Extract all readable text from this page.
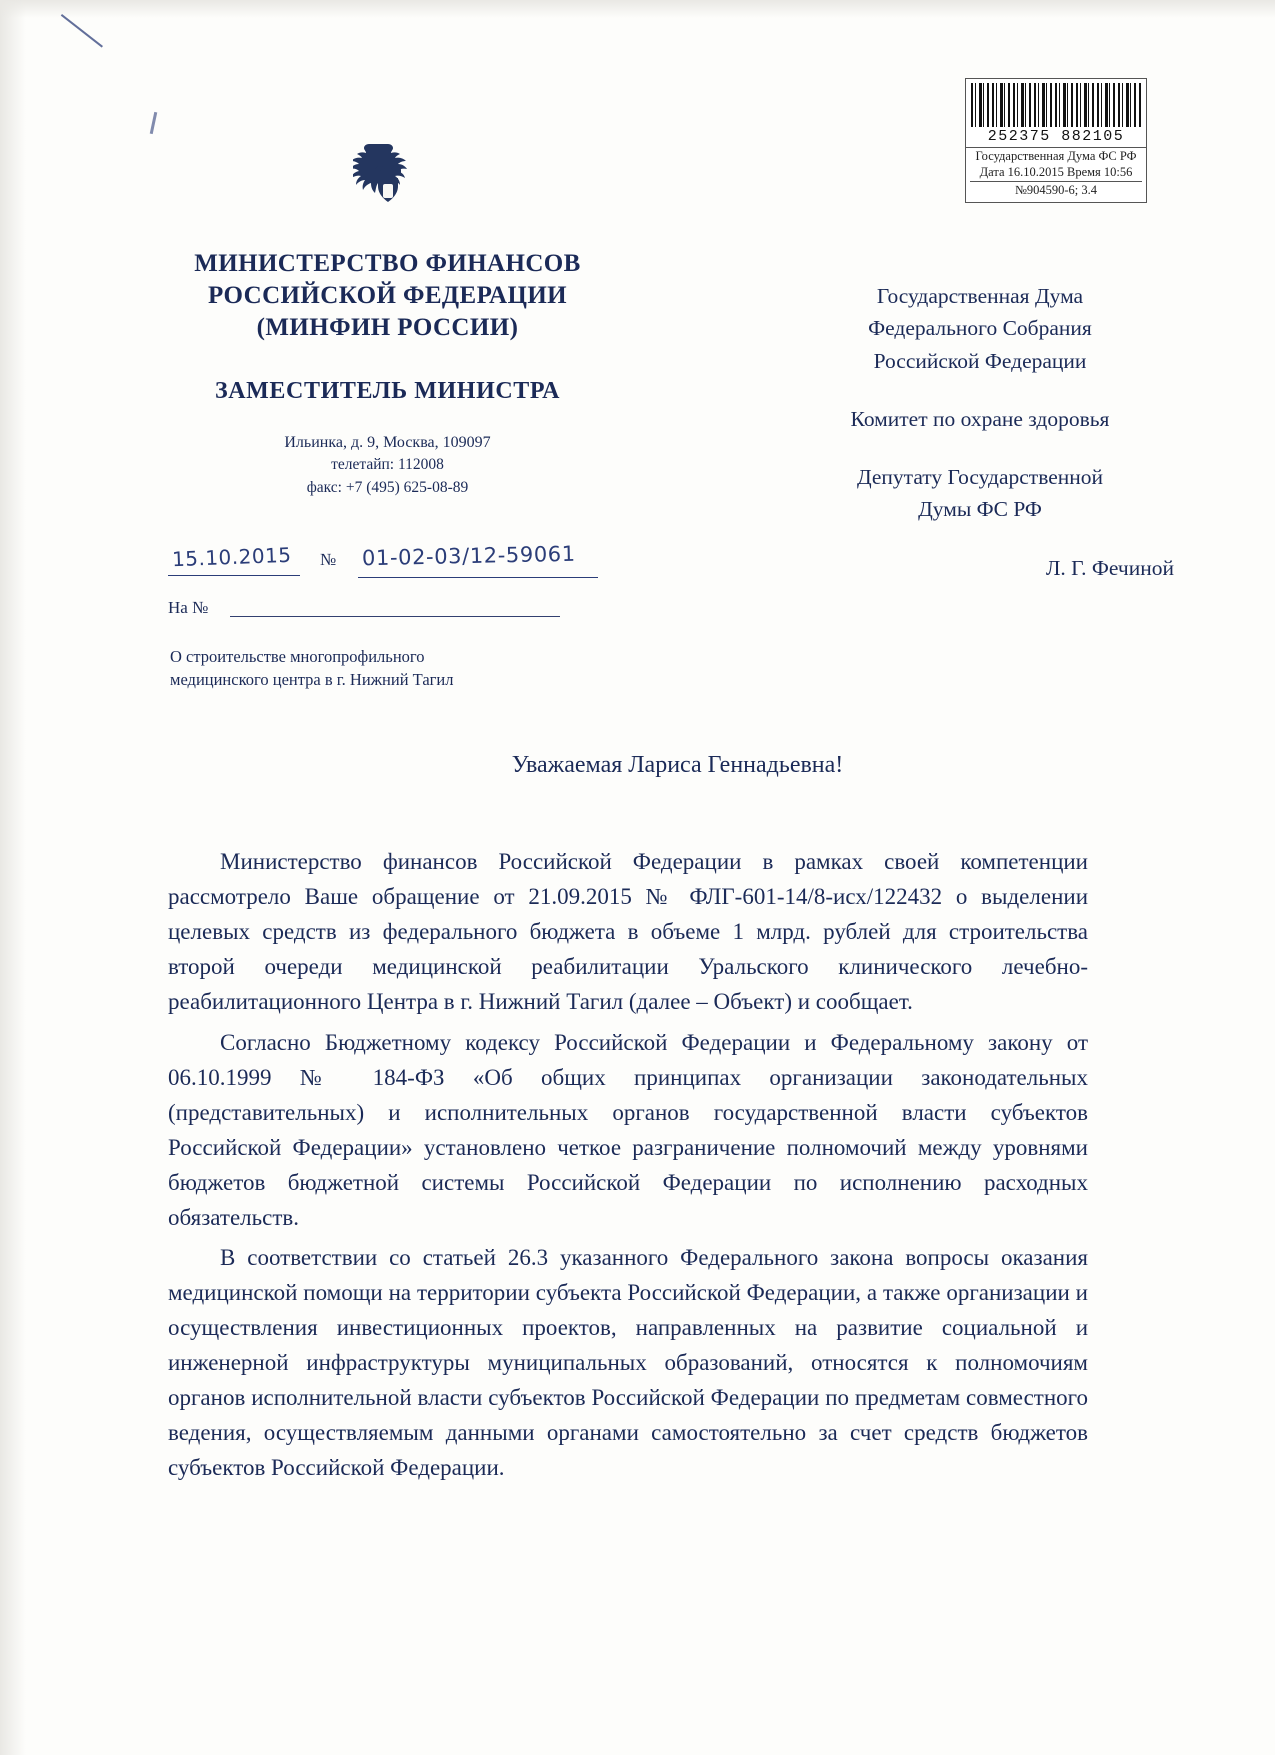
252375 882105
Государственная Дума ФС РФ
Дата 16.10.2015 Время 10:56
№904590-6; 3.4
МИНИСТЕРСТВО ФИНАНСОВ
РОССИЙСКОЙ ФЕДЕРАЦИИ
(МИНФИН РОССИИ)
ЗАМЕСТИТЕЛЬ МИНИСТРА
Ильинка, д. 9, Москва, 109097
телетайп: 112008
факс: +7 (495) 625-08-89
15.10.2015 № 01-02-03/12-59061
На №
О строительстве многопрофильного
медицинского центра в г. Нижний Тагил
Государственная Дума
Федерального Собрания
Российской Федерации
Комитет по охране здоровья
Депутату Государственной
Думы ФС РФ
Л. Г. Фечиной
Уважаемая Лариса Геннадьевна!

Министерство финансов Российской Федерации в рамках своей компетенции рассмотрело Ваше обращение от 21.09.2015 № ФЛГ-601-14/8-исх/122432 о выделении целевых средств из федерального бюджета в объеме 1 млрд. рублей для строительства второй очереди медицинской реабилитации Уральского клинического лечебно-реабилитационного Центра в г. Нижний Тагил (далее – Объект) и сообщает.

Согласно Бюджетному кодексу Российской Федерации и Федеральному закону от 06.10.1999 № 184-ФЗ «Об общих принципах организации законодательных (представительных) и исполнительных органов государственной власти субъектов Российской Федерации» установлено четкое разграничение полномочий между уровнями бюджетов бюджетной системы Российской Федерации по исполнению расходных обязательств.

В соответствии со статьей 26.3 указанного Федерального закона вопросы оказания медицинской помощи на территории субъекта Российской Федерации, а также организации и осуществления инвестиционных проектов, направленных на развитие социальной и инженерной инфраструктуры муниципальных образований, относятся к полномочиям органов исполнительной власти субъектов Российской Федерации по предметам совместного ведения, осуществляемым данными органами самостоятельно за счет средств бюджетов субъектов Российской Федерации.
